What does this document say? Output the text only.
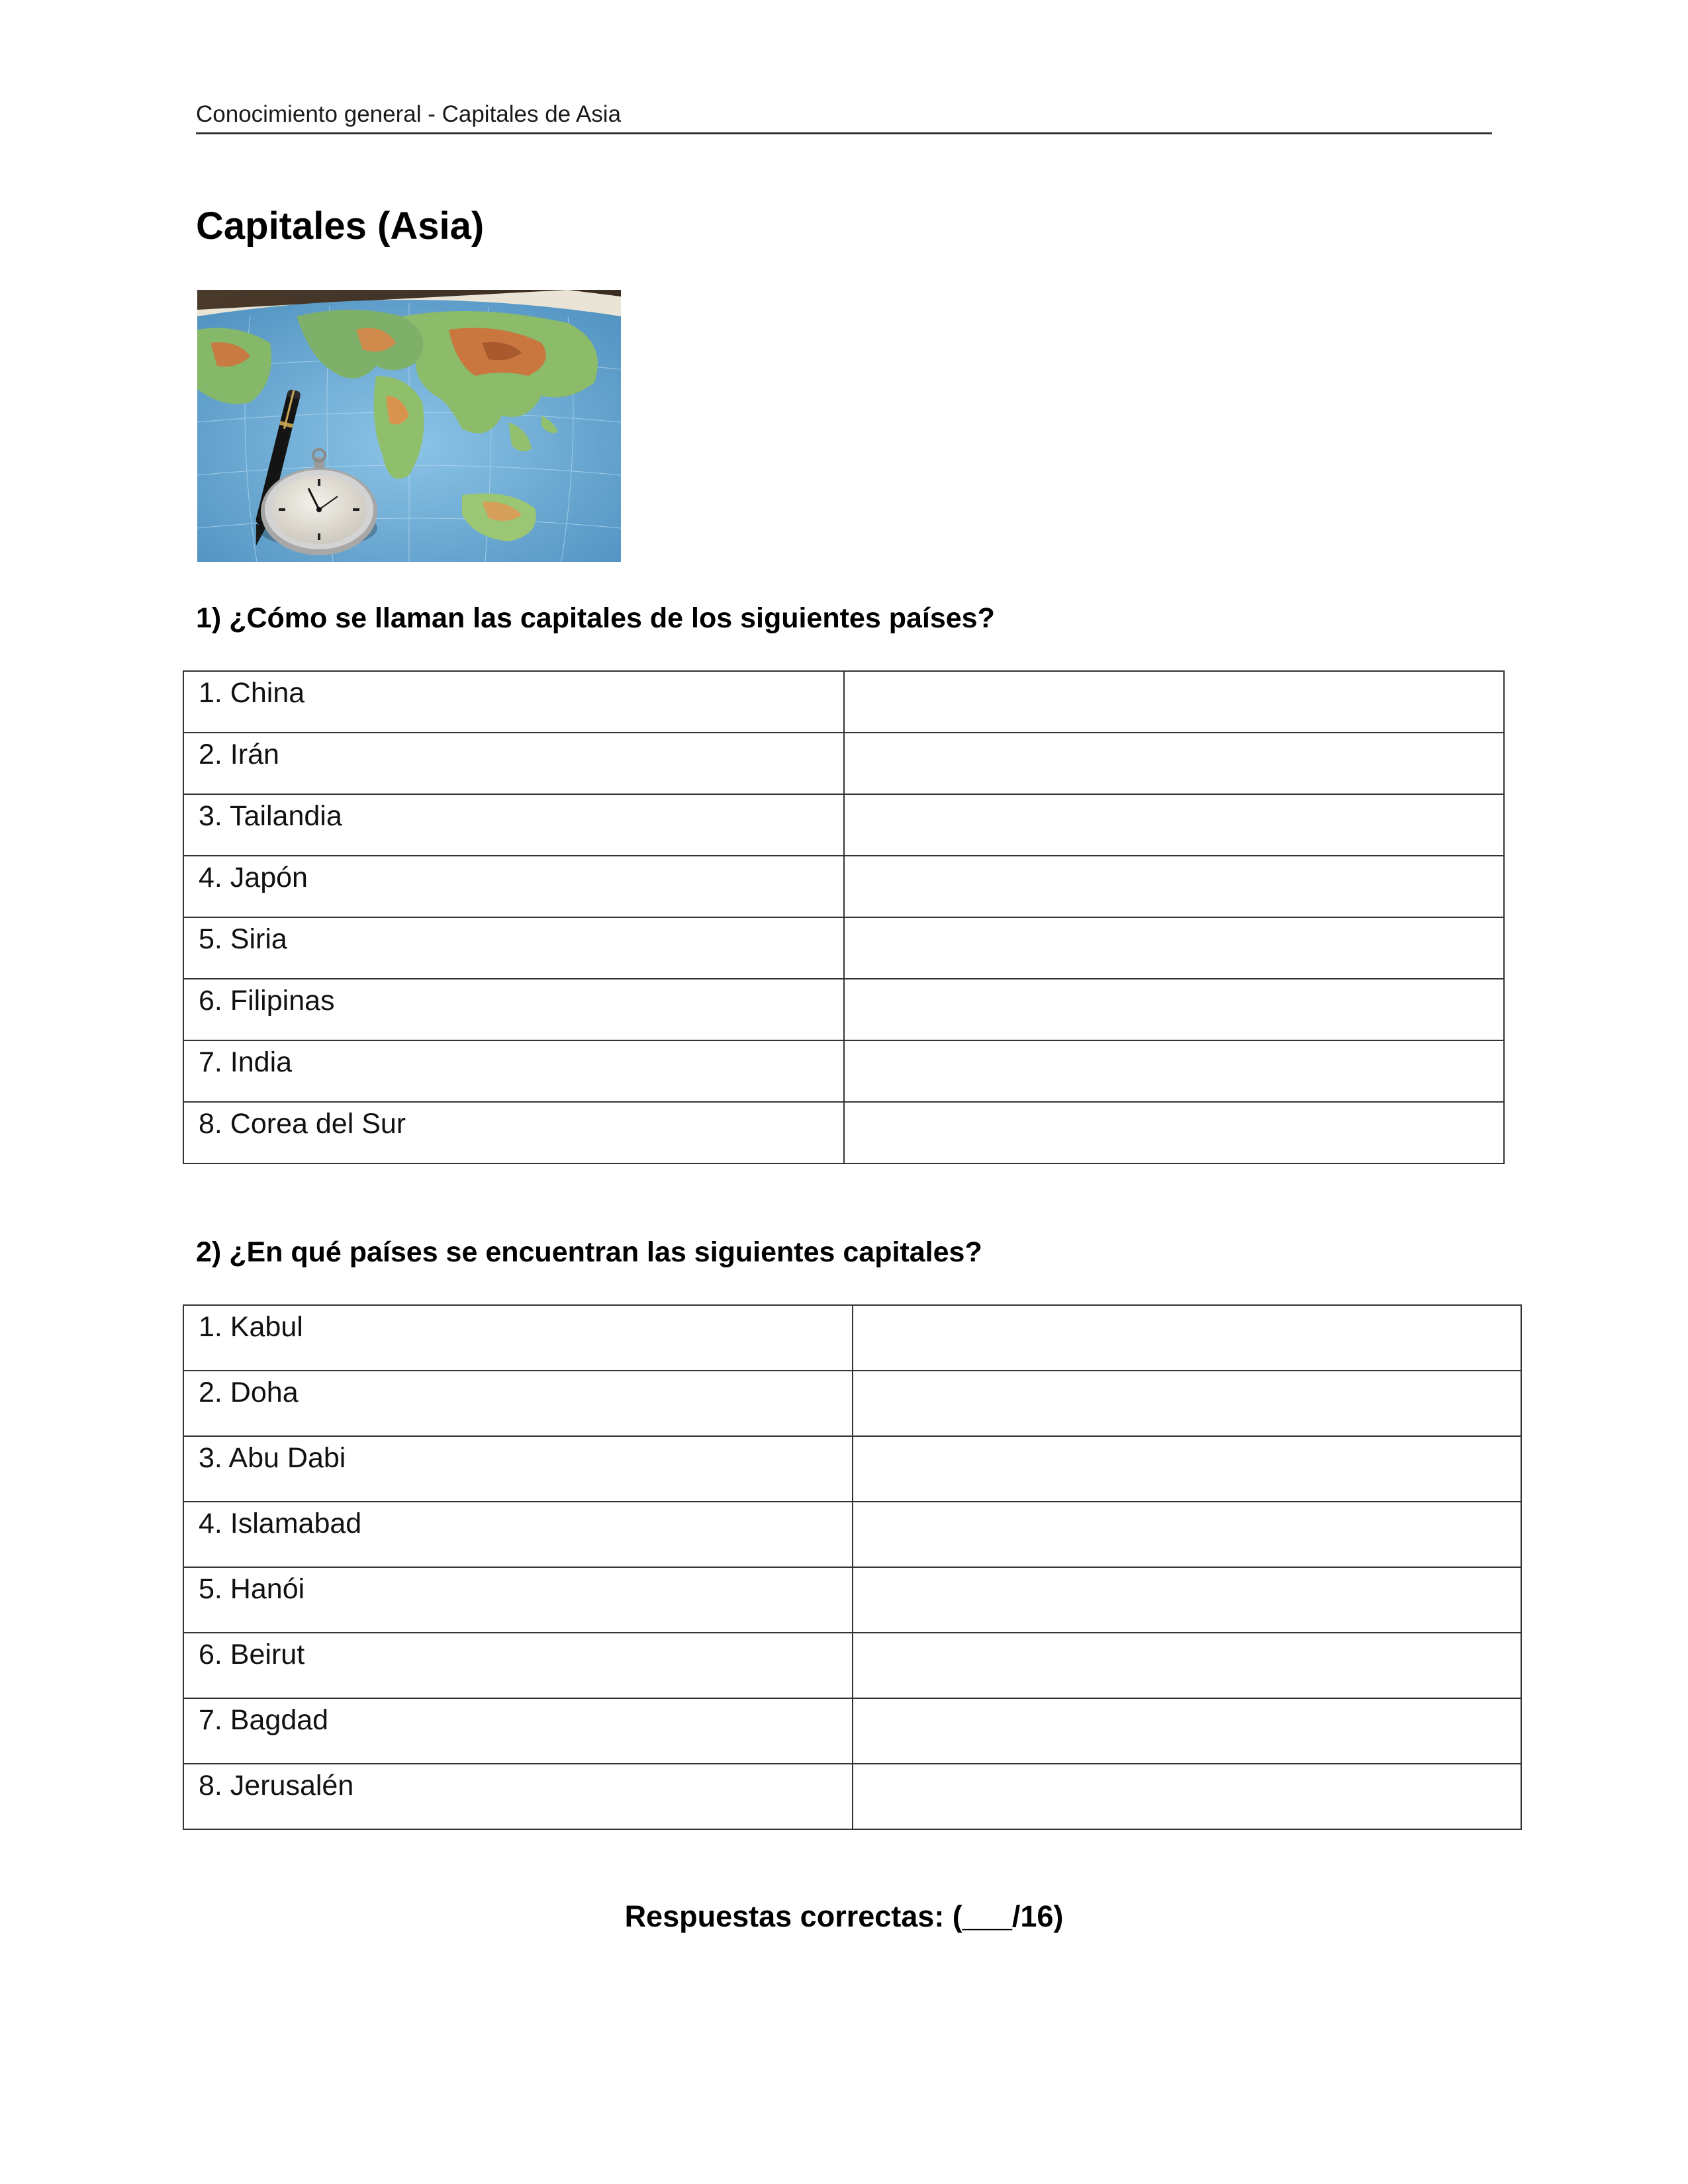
Conocimiento general - Capitales de Asia
Capitales (Asia)
1) ¿Cómo se llaman las capitales de los siguientes países?
1. China	
2. Irán	
3. Tailandia	
4. Japón	
5. Siria	
6. Filipinas	
7. India	
8. Corea del Sur	
2) ¿En qué países se encuentran las siguientes capitales?
1. Kabul	
2. Doha	
3. Abu Dabi	
4. Islamabad	
5. Hanói	
6. Beirut	
7. Bagdad	
8. Jerusalén	
Respuestas correctas: (___/16)
